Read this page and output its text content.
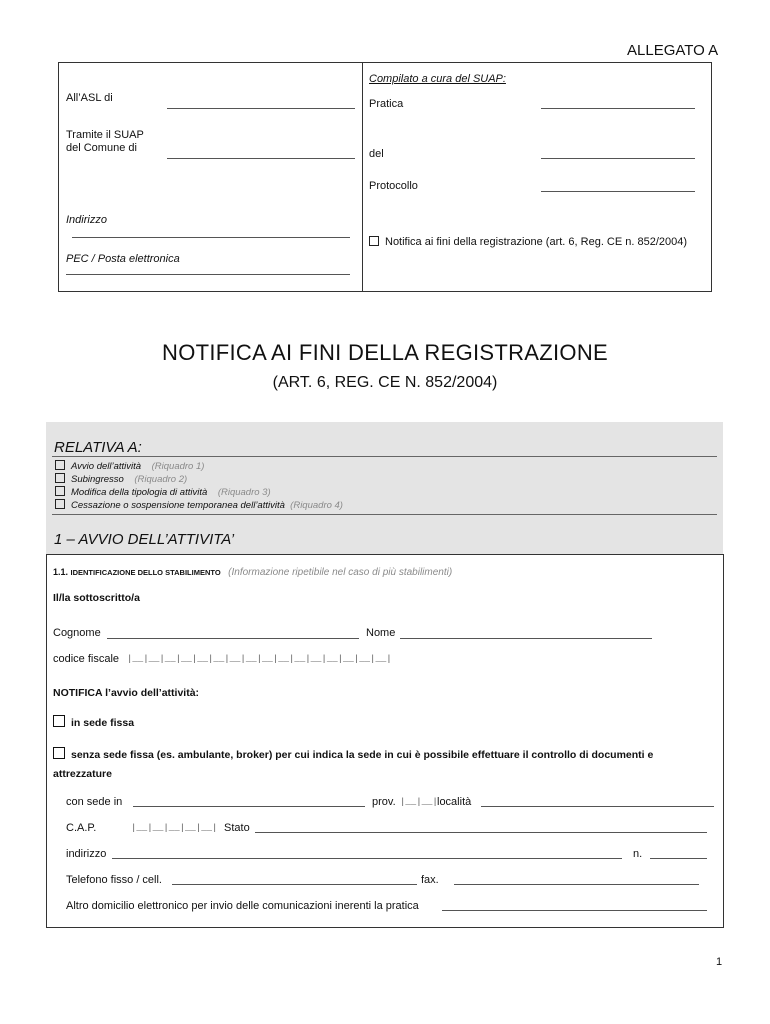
ALLEGATO A
All’ASL di
Tramite il SUAP
del Comune di
Indirizzo
PEC / Posta elettronica
Compilato a cura del SUAP:
Pratica
del
Protocollo
Notifica ai fini della registrazione (art. 6, Reg. CE n. 852/2004)
NOTIFICA AI FINI DELLA REGISTRAZIONE
(ART. 6, REG. CE N. 852/2004)
RELATIVA A:
Avvio dell’attività (Riquadro 1)
Subingresso (Riquadro 2)
Modifica della tipologia di attività (Riquadro 3)
Cessazione o sospensione temporanea dell’attività (Riquadro 4)
1 – AVVIO DELL’ATTIVITA’
1.1. IDENTIFICAZIONE DELLO STABILIMENTO (Informazione ripetibile nel caso di più stabilimenti)
Il/la sottoscritto/a
Cognome	Nome
codice fiscale |__|__|__|__|__|__|__|__|__|__|__|__|__|__|__|__|
NOTIFICA l’avvio dell’attività:
in sede fissa
senza sede fissa (es. ambulante, broker) per cui indica la sede in cui è possibile effettuare il controllo di documenti e
attrezzature
con sede in	prov. |__|__| località
C.A.P.	|__|__|__|__|__| Stato
indirizzo	n.
Telefono fisso / cell.	fax.
Altro domicilio elettronico per invio delle comunicazioni inerenti la pratica
1
